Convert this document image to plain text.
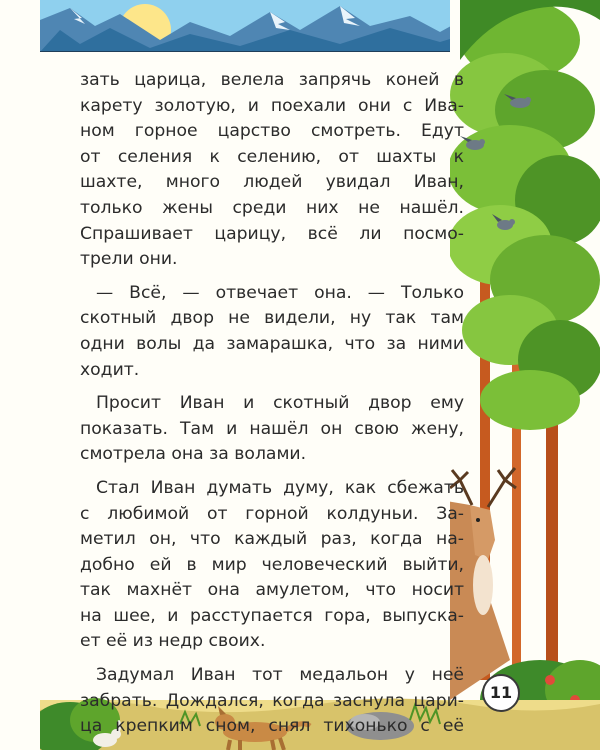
зать царица, велела запрячь коней в
карету золотую, и поехали они с Ива-
ном горное царство смотреть. Едут
от селения к селению, от шахты к
шахте, много людей увидал Иван,
только жены среди них не нашёл.
Спрашивает царицу, всё ли посмо-
трели они.

— Всё, — отвечает она. — Только
скотный двор не видели, ну так там
одни волы да замарашка, что за ними
ходит.

Просит Иван и скотный двор ему
показать. Там и нашёл он свою жену,
смотрела она за волами.

Стал Иван думать думу, как сбежать
с любимой от горной колдуньи. За-
метил он, что каждый раз, когда на-
добно ей в мир человеческий выйти,
так махнёт она амулетом, что носит
на шее, и расступается гора, выпуска-
ет её из недр своих.

Задумал Иван тот медальон у неё
забрать. Дождался, когда заснула цари-
ца крепким сном, снял тихонько с её

11
